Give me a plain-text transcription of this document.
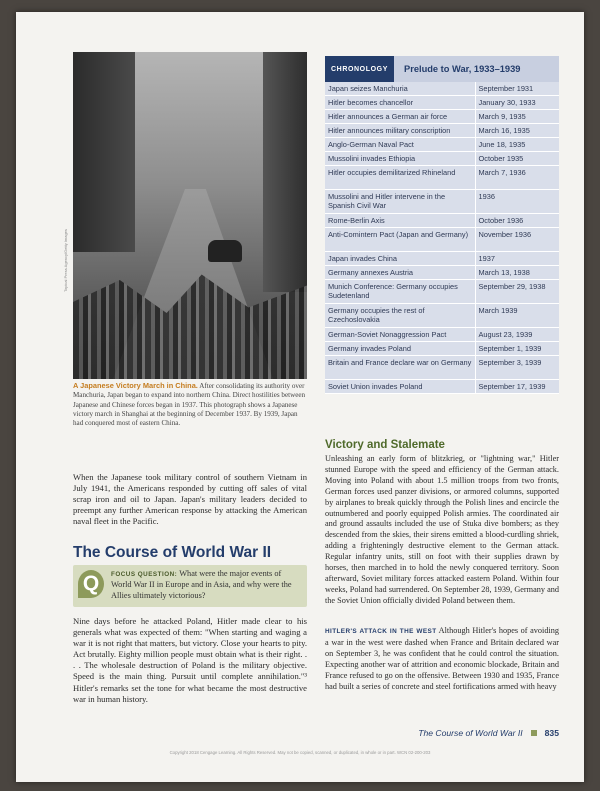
Topical Press Agency/Getty Images
A Japanese Victory March in China. After consolidating its authority over Manchuria, Japan began to expand into northern China. Direct hostilities between Japanese and Chinese forces began in 1937. This photograph shows a Japanese victory march in Shanghai at the beginning of December 1937. By 1939, Japan had conquered most of eastern China.

When the Japanese took military control of southern Vietnam in July 1941, the Americans responded by cutting off sales of vital scrap iron and oil to Japan. Japan's military leaders decided to preempt any further American response by attacking the American naval fleet in the Pacific.

The Course of World War II
Q	FOCUS QUESTION: What were the major events of World War II in Europe and in Asia, and why were the Allies ultimately victorious?

Nine days before he attacked Poland, Hitler made clear to his generals what was expected of them: "When starting and waging a war it is not right that matters, but victory. Close your hearts to pity. Act brutally. Eighty million people must obtain what is their right. . . . The wholesale destruction of Poland is the military objective. Speed is the main thing. Pursuit until complete annihilation."³ Hitler's remarks set the tone for what became the most destructive war in human history.

CHRONOLOGY	Prelude to War, 1933–1939
Japan seizes Manchuria	September 1931
Hitler becomes chancellor	January 30, 1933
Hitler announces a German air force	March 9, 1935
Hitler announces military conscription	March 16, 1935
Anglo-German Naval Pact	June 18, 1935
Mussolini invades Ethiopia	October 1935
Hitler occupies demilitarized Rhineland	March 7, 1936
Mussolini and Hitler intervene in the Spanish Civil War	1936
Rome-Berlin Axis	October 1936
Anti-Comintern Pact (Japan and Germany)	November 1936
Japan invades China	1937
Germany annexes Austria	March 13, 1938
Munich Conference: Germany occupies Sudetenland	September 29, 1938
Germany occupies the rest of Czechoslovakia	March 1939
German-Soviet Nonaggression Pact	August 23, 1939
Germany invades Poland	September 1, 1939
Britain and France declare war on Germany	September 3, 1939
Soviet Union invades Poland	September 17, 1939
Victory and Stalemate

Unleashing an early form of blitzkrieg, or "lightning war," Hitler stunned Europe with the speed and efficiency of the German attack. Moving into Poland with about 1.5 million troops from two fronts, German forces used panzer divisions, or armored columns, supported by airplanes to break quickly through the Polish lines and encircle the outnumbered and poorly equipped Polish armies. The coordinated air and ground assaults included the use of Stuka dive bombers; as they descended from the skies, their sirens emitted a blood-curdling shriek, adding a frighteningly destructive element to the German attack. Regular infantry units, still on foot with their supplies drawn by horses, then marched in to hold the newly conquered territory. Soon afterward, Soviet military forces attacked eastern Poland. Within four weeks, Poland had surrendered. On September 28, 1939, Germany and the Soviet Union officially divided Poland between them.

HITLER'S ATTACK IN THE WEST Although Hitler's hopes of avoiding a war in the west were dashed when France and Britain declared war on September 3, he was confident that he could control the situation. Expecting another war of attrition and economic blockade, Britain and France refused to go on the offensive. Between 1930 and 1935, France had built a series of concrete and steel fortifications armed with heavy

The Course of World War II	835
Copyright 2018 Cengage Learning. All Rights Reserved. May not be copied, scanned, or duplicated, in whole or in part. WCN 02-200-203
